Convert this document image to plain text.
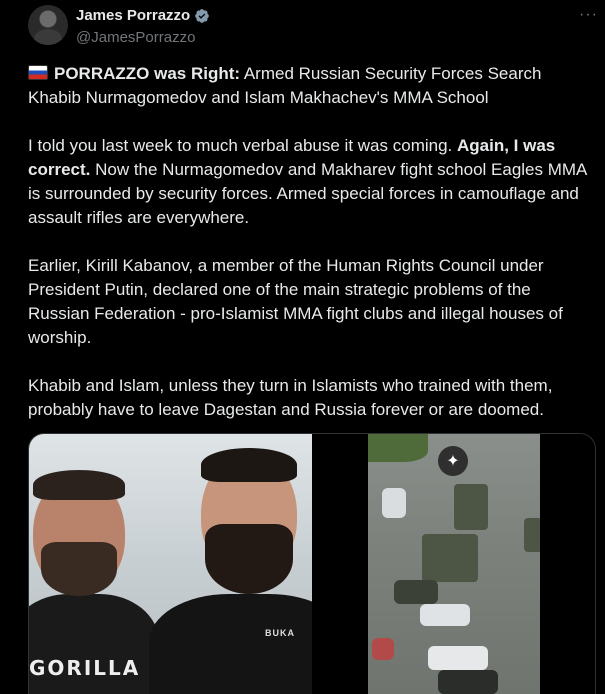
James Porrazzo
@JamesPorrazzo
···

PORRAZZO was Right: Armed Russian Security Forces Search Khabib Nurmagomedov and Islam Makhachev's MMA School

I told you last week to much verbal abuse it was coming. Again, I was correct. Now the Nurmagomedov and Makharev fight school Eagles MMA is surrounded by security forces. Armed special forces in camouflage and assault rifles are everywhere.

Earlier, Kirill Kabanov, a member of the Human Rights Council under President Putin, declared one of the main strategic problems of the Russian Federation - pro-Islamist MMA fight clubs and illegal houses of worship.

Khabib and Islam, unless they turn in Islamists who trained with them, probably have to leave Dagestan and Russia forever or are doomed.

GORILLA
BUKA
✦
